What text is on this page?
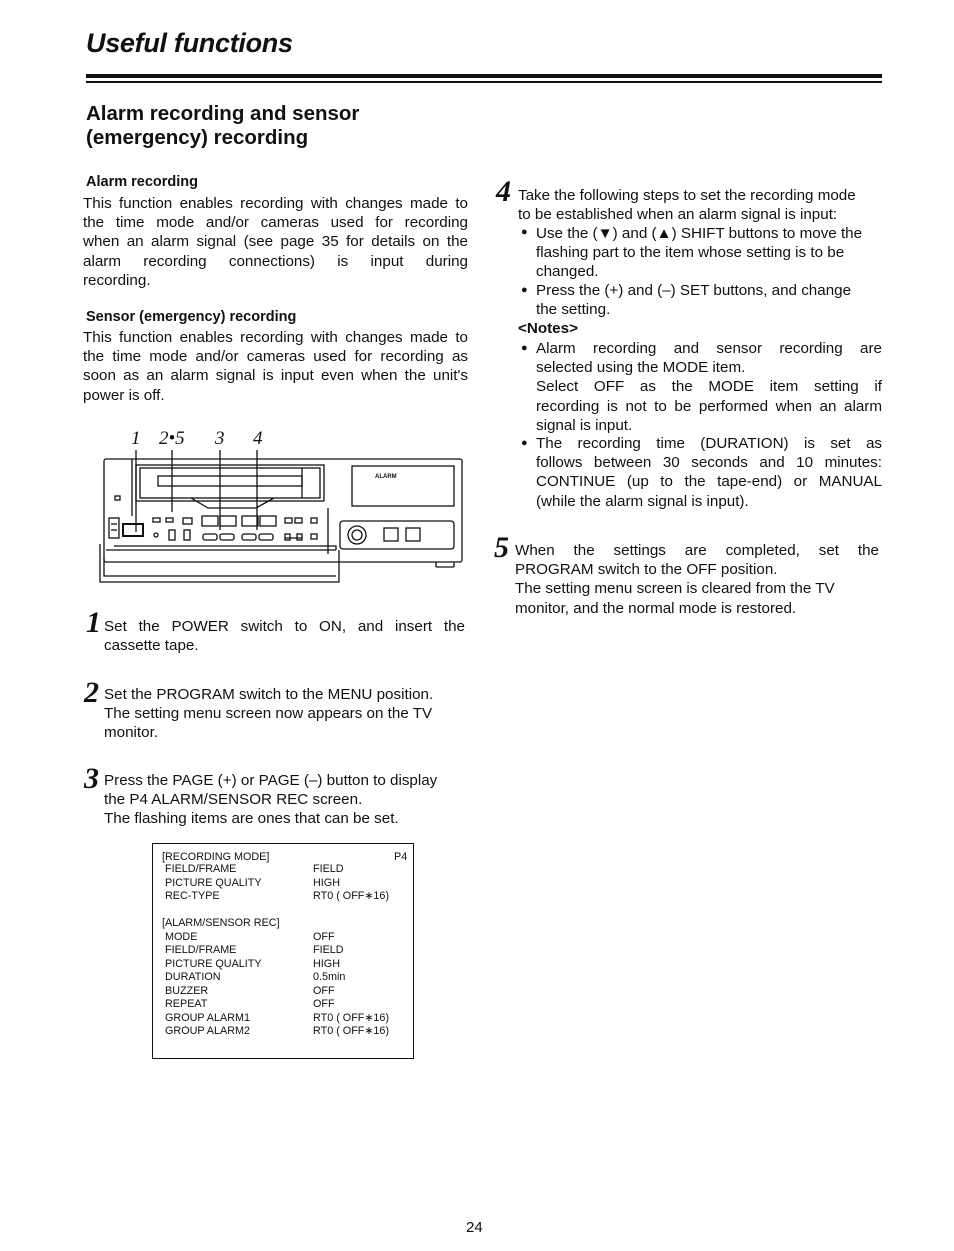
Useful functions
Alarm recording and sensor
(emergency) recording
Alarm recording
This function enables recording with changes made to
the time mode and/or cameras used for recording
when an alarm signal (see page 35 for details on the
alarm recording connections) is input during
recording.
Sensor (emergency) recording
This function enables recording with changes made to
the time mode and/or cameras used for recording as
soon as an alarm signal is input even when the unit's
power is off.
1 2•5 3 4
ALARM
1 Set the POWER switch to ON, and insert the
cassette tape.
2 Set the PROGRAM switch to the MENU position.
The setting menu screen now appears on the TV
monitor.
3 Press the PAGE (+) or PAGE (–) button to display
the P4 ALARM/SENSOR REC screen.
The flashing items are ones that can be set.
[RECORDING MODE]	P4
FIELD/FRAME	FIELD
PICTURE QUALITY	HIGH
REC-TYPE	RT0 ( OFF∗16)
[ALARM/SENSOR REC]
MODE	OFF
FIELD/FRAME	FIELD
PICTURE QUALITY	HIGH
DURATION	0.5min
BUZZER	OFF
REPEAT	OFF
GROUP ALARM1	RT0 ( OFF∗16)
GROUP ALARM2	RT0 ( OFF∗16)
4 Take the following steps to set the recording mode
to be established when an alarm signal is input:
● Use the (▼) and (▲) SHIFT buttons to move the
flashing part to the item whose setting is to be
changed.
● Press the (+) and (–) SET buttons, and change
the setting.
<Notes>
● Alarm recording and sensor recording are
selected using the MODE item.
Select OFF as the MODE item setting if
recording is not to be performed when an alarm
signal is input.
● The recording time (DURATION) is set as
follows between 30 seconds and 10 minutes:
CONTINUE (up to the tape-end) or MANUAL
(while the alarm signal is input).
5 When the settings are completed, set the
PROGRAM switch to the OFF position.
The setting menu screen is cleared from the TV
monitor, and the normal mode is restored.
24
